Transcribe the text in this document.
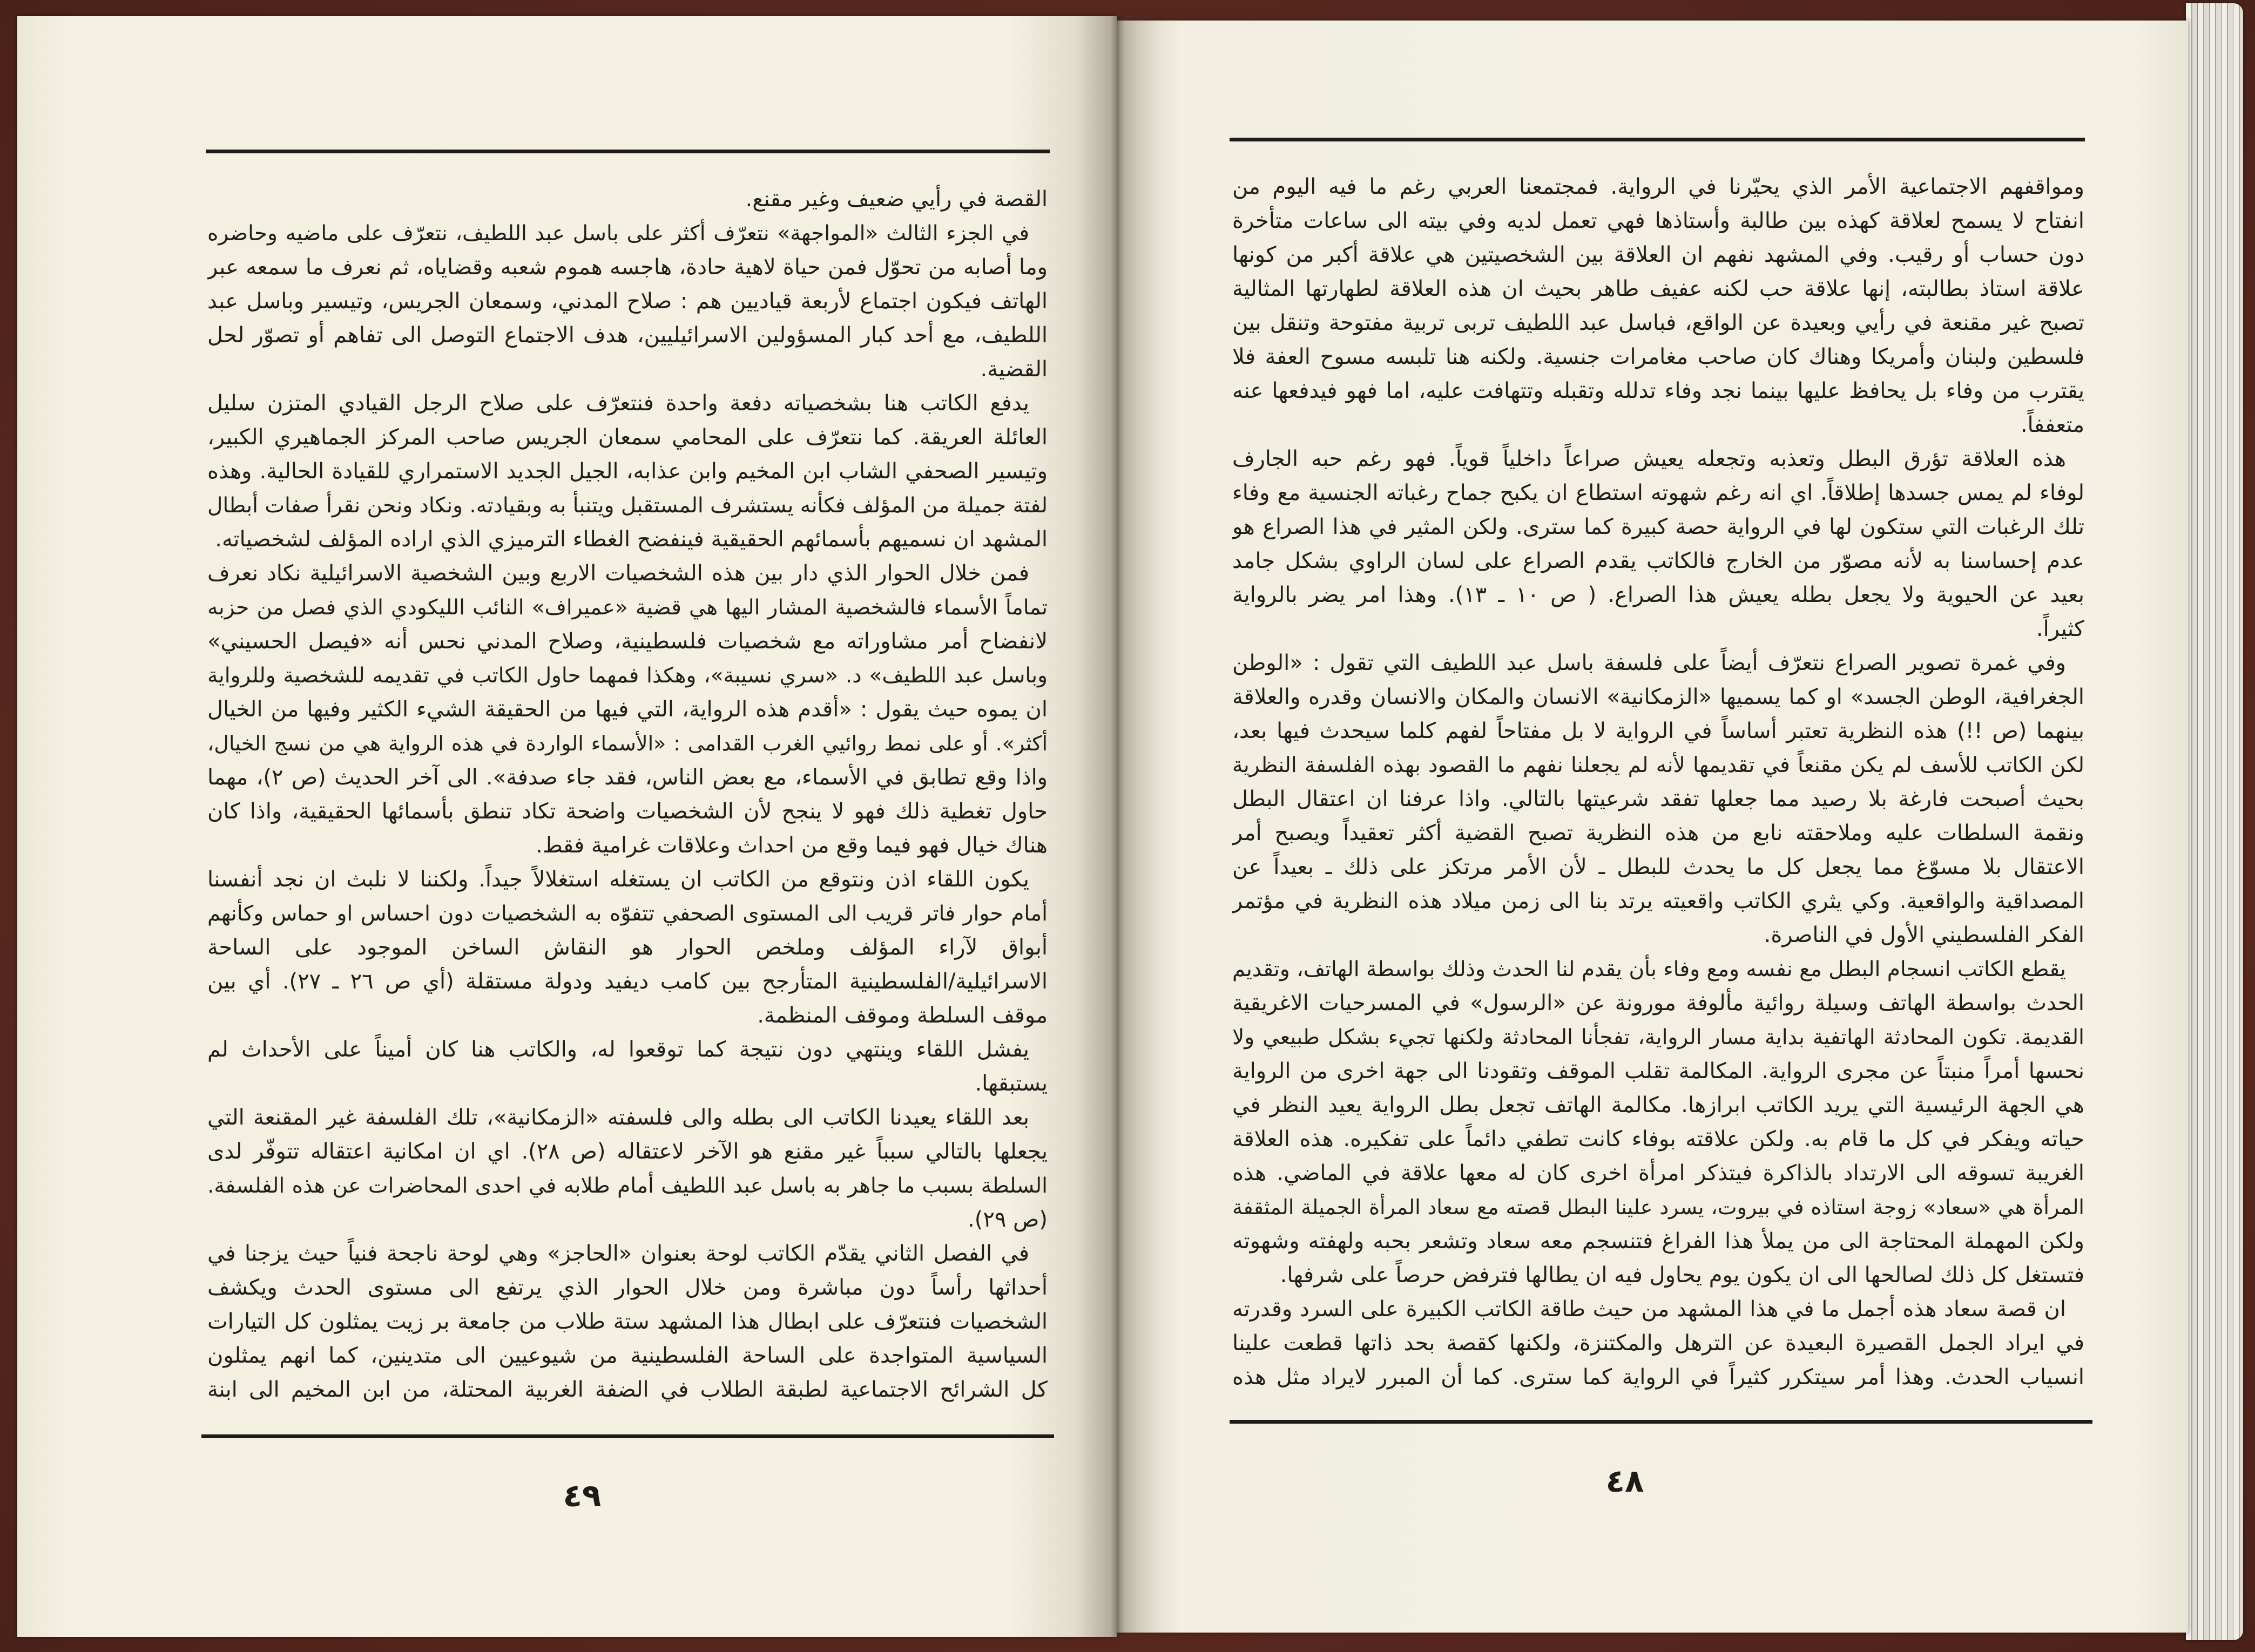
ومواقفهم الاجتماعية الأمر الذي يحيّرنا في الرواية. فمجتمعنا العربي رغم ما فيه اليوم من
انفتاح لا يسمح لعلاقة كهذه بين طالبة وأستاذها فهي تعمل لديه وفي بيته الى ساعات متأخرة
دون حساب أو رقيب. وفي المشهد نفهم ان العلاقة بين الشخصيتين هي علاقة أكبر من كونها
علاقة استاذ بطالبته، إنها علاقة حب لكنه عفيف طاهر بحيث ان هذه العلاقة لطهارتها المثالية
تصبح غير مقنعة في رأيي وبعيدة عن الواقع، فباسل عبد اللطيف تربى تربية مفتوحة وتنقل بين
فلسطين ولبنان وأمريكا وهناك كان صاحب مغامرات جنسية. ولكنه هنا تلبسه مسوح العفة فلا
يقترب من وفاء بل يحافظ عليها بينما نجد وفاء تدلله وتقبله وتتهافت عليه، اما فهو فيدفعها عنه
متعففاً.
هذه العلاقة تؤرق البطل وتعذبه وتجعله يعيش صراعاً داخلياً قوياً. فهو رغم حبه الجارف
لوفاء لم يمس جسدها إطلاقاً. اي انه رغم شهوته استطاع ان يكبح جماح رغباته الجنسية مع وفاء
تلك الرغبات التي ستكون لها في الرواية حصة كبيرة كما سترى. ولكن المثير في هذا الصراع هو
عدم إحساسنا به لأنه مصوّر من الخارج فالكاتب يقدم الصراع على لسان الراوي بشكل جامد
بعيد عن الحيوية ولا يجعل بطله يعيش هذا الصراع. ( ص ١٠ ـ ١٣). وهذا امر يضر بالرواية
كثيراً.
وفي غمرة تصوير الصراع نتعرّف أيضاً على فلسفة باسل عبد اللطيف التي تقول : «الوطن
الجغرافية، الوطن الجسد» او كما يسميها «الزمكانية» الانسان والمكان والانسان وقدره والعلاقة
بينهما (ص !!) هذه النظرية تعتبر أساساً في الرواية لا بل مفتاحاً لفهم كلما سيحدث فيها بعد،
لكن الكاتب للأسف لم يكن مقنعاً في تقديمها لأنه لم يجعلنا نفهم ما القصود بهذه الفلسفة النظرية
بحيث أصبحت فارغة بلا رصيد مما جعلها تفقد شرعيتها بالتالي. واذا عرفنا ان اعتقال البطل
ونقمة السلطات عليه وملاحقته نابع من هذه النظرية تصبح القضية أكثر تعقيداً ويصبح أمر
الاعتقال بلا مسوّغ مما يجعل كل ما يحدث للبطل ـ لأن الأمر مرتكز على ذلك ـ بعيداً عن
المصداقية والواقعية. وكي يثري الكاتب واقعيته يرتد بنا الى زمن ميلاد هذه النظرية في مؤتمر
الفكر الفلسطيني الأول في الناصرة.
يقطع الكاتب انسجام البطل مع نفسه ومع وفاء بأن يقدم لنا الحدث وذلك بواسطة الهاتف، وتقديم
الحدث بواسطة الهاتف وسيلة روائية مألوفة مورونة عن «الرسول» في المسرحيات الاغريقية
القديمة. تكون المحادثة الهاتفية بداية مسار الرواية، تفجأنا المحادثة ولكنها تجيء بشكل طبيعي ولا
نحسها أمراً منبتاً عن مجرى الرواية. المكالمة تقلب الموقف وتقودنا الى جهة اخرى من الرواية
هي الجهة الرئيسية التي يريد الكاتب ابرازها. مكالمة الهاتف تجعل بطل الرواية يعيد النظر في
حياته ويفكر في كل ما قام به. ولكن علاقته بوفاء كانت تطفي دائماً على تفكيره. هذه العلاقة
الغريبة تسوقه الى الارتداد بالذاكرة فيتذكر امرأة اخرى كان له معها علاقة في الماضي. هذه
المرأة هي «سعاد» زوجة استاذه في بيروت، يسرد علينا البطل قصته مع سعاد المرأة الجميلة المثقفة
ولكن المهملة المحتاجة الى من يملأ هذا الفراغ فتنسجم معه سعاد وتشعر بحبه ولهفته وشهوته
فتستغل كل ذلك لصالحها الى ان يكون يوم يحاول فيه ان يطالها فترفض حرصاً على شرفها.
ان قصة سعاد هذه أجمل ما في هذا المشهد من حيث طاقة الكاتب الكبيرة على السرد وقدرته
في ايراد الجمل القصيرة البعيدة عن الترهل والمكتنزة، ولكنها كقصة بحد ذاتها قطعت علينا
انسياب الحدث. وهذا أمر سيتكرر كثيراً في الرواية كما سترى. كما أن المبرر لايراد مثل هذه
٤٨
القصة في رأيي ضعيف وغير مقنع.
في الجزء الثالث «المواجهة» نتعرّف أكثر على باسل عبد اللطيف، نتعرّف على ماضيه وحاضره
وما أصابه من تحوّل فمن حياة لاهية حادة، هاجسه هموم شعبه وقضاياه، ثم نعرف ما سمعه عبر
الهاتف فيكون اجتماع لأربعة قياديين هم : صلاح المدني، وسمعان الجريس، وتيسير وباسل عبد
اللطيف، مع أحد كبار المسؤولين الاسرائيليين، هدف الاجتماع التوصل الى تفاهم أو تصوّر لحل
القضية.
يدفع الكاتب هنا بشخصياته دفعة واحدة فنتعرّف على صلاح الرجل القيادي المتزن سليل
العائلة العريقة. كما نتعرّف على المحامي سمعان الجريس صاحب المركز الجماهيري الكبير،
وتيسير الصحفي الشاب ابن المخيم وابن عذابه، الجيل الجديد الاستمراري للقيادة الحالية. وهذه
لفتة جميلة من المؤلف فكأنه يستشرف المستقبل ويتنبأ به وبقيادته. ونكاد ونحن نقرأ صفات أبطال
المشهد ان نسميهم بأسمائهم الحقيقية فينفضح الغطاء الترميزي الذي اراده المؤلف لشخصياته.
فمن خلال الحوار الذي دار بين هذه الشخصيات الاربع وبين الشخصية الاسرائيلية نكاد نعرف
تماماً الأسماء فالشخصية المشار اليها هي قضية «عميراف» النائب الليكودي الذي فصل من حزبه
لانفضاح أمر مشاوراته مع شخصيات فلسطينية، وصلاح المدني نحس أنه «فيصل الحسيني»
وباسل عبد اللطيف» د. «سري نسيبة»، وهكذا فمهما حاول الكاتب في تقديمه للشخصية وللرواية
ان يموه حيث يقول : «أقدم هذه الرواية، التي فيها من الحقيقة الشيء الكثير وفيها من الخيال
أكثر». أو على نمط روائيي الغرب القدامى : «الأسماء الواردة في هذه الرواية هي من نسج الخيال،
واذا وقع تطابق في الأسماء، مع بعض الناس، فقد جاء صدفة». الى آخر الحديث (ص ٢)، مهما
حاول تغطية ذلك فهو لا ينجح لأن الشخصيات واضحة تكاد تنطق بأسمائها الحقيقية، واذا كان
هناك خيال فهو فيما وقع من احداث وعلاقات غرامية فقط.
يكون اللقاء اذن ونتوقع من الكاتب ان يستغله استغلالاً جيداً. ولكننا لا نلبث ان نجد أنفسنا
أمام حوار فاتر قريب الى المستوى الصحفي تتفوّه به الشخصيات دون احساس او حماس وكأنهم
أبواق لآراء المؤلف وملخص الحوار هو النقاش الساخن الموجود على الساحة
الاسرائيلية/الفلسطينية المتأرجح بين كامب ديفيد ودولة مستقلة (أي ص ٢٦ ـ ٢٧). أي بين
موقف السلطة وموقف المنظمة.
يفشل اللقاء وينتهي دون نتيجة كما توقعوا له، والكاتب هنا كان أميناً على الأحداث لم
يستبقها.
بعد اللقاء يعيدنا الكاتب الى بطله والى فلسفته «الزمكانية»، تلك الفلسفة غير المقنعة التي
يجعلها بالتالي سبباً غير مقنع هو الآخر لاعتقاله (ص ٢٨). اي ان امكانية اعتقاله تتوفّر لدى
السلطة بسبب ما جاهر به باسل عبد اللطيف أمام طلابه في احدى المحاضرات عن هذه الفلسفة.
(ص ٢٩).
في الفصل الثاني يقدّم الكاتب لوحة بعنوان «الحاجز» وهي لوحة ناجحة فنياً حيث يزجنا في
أحداثها رأساً دون مباشرة ومن خلال الحوار الذي يرتفع الى مستوى الحدث ويكشف
الشخصيات فنتعرّف على ابطال هذا المشهد ستة طلاب من جامعة بر زيت يمثلون كل التيارات
السياسية المتواجدة على الساحة الفلسطينية من شيوعيين الى متدينين، كما انهم يمثلون
كل الشرائح الاجتماعية لطبقة الطلاب في الضفة الغربية المحتلة، من ابن المخيم الى ابنة
٤٩
